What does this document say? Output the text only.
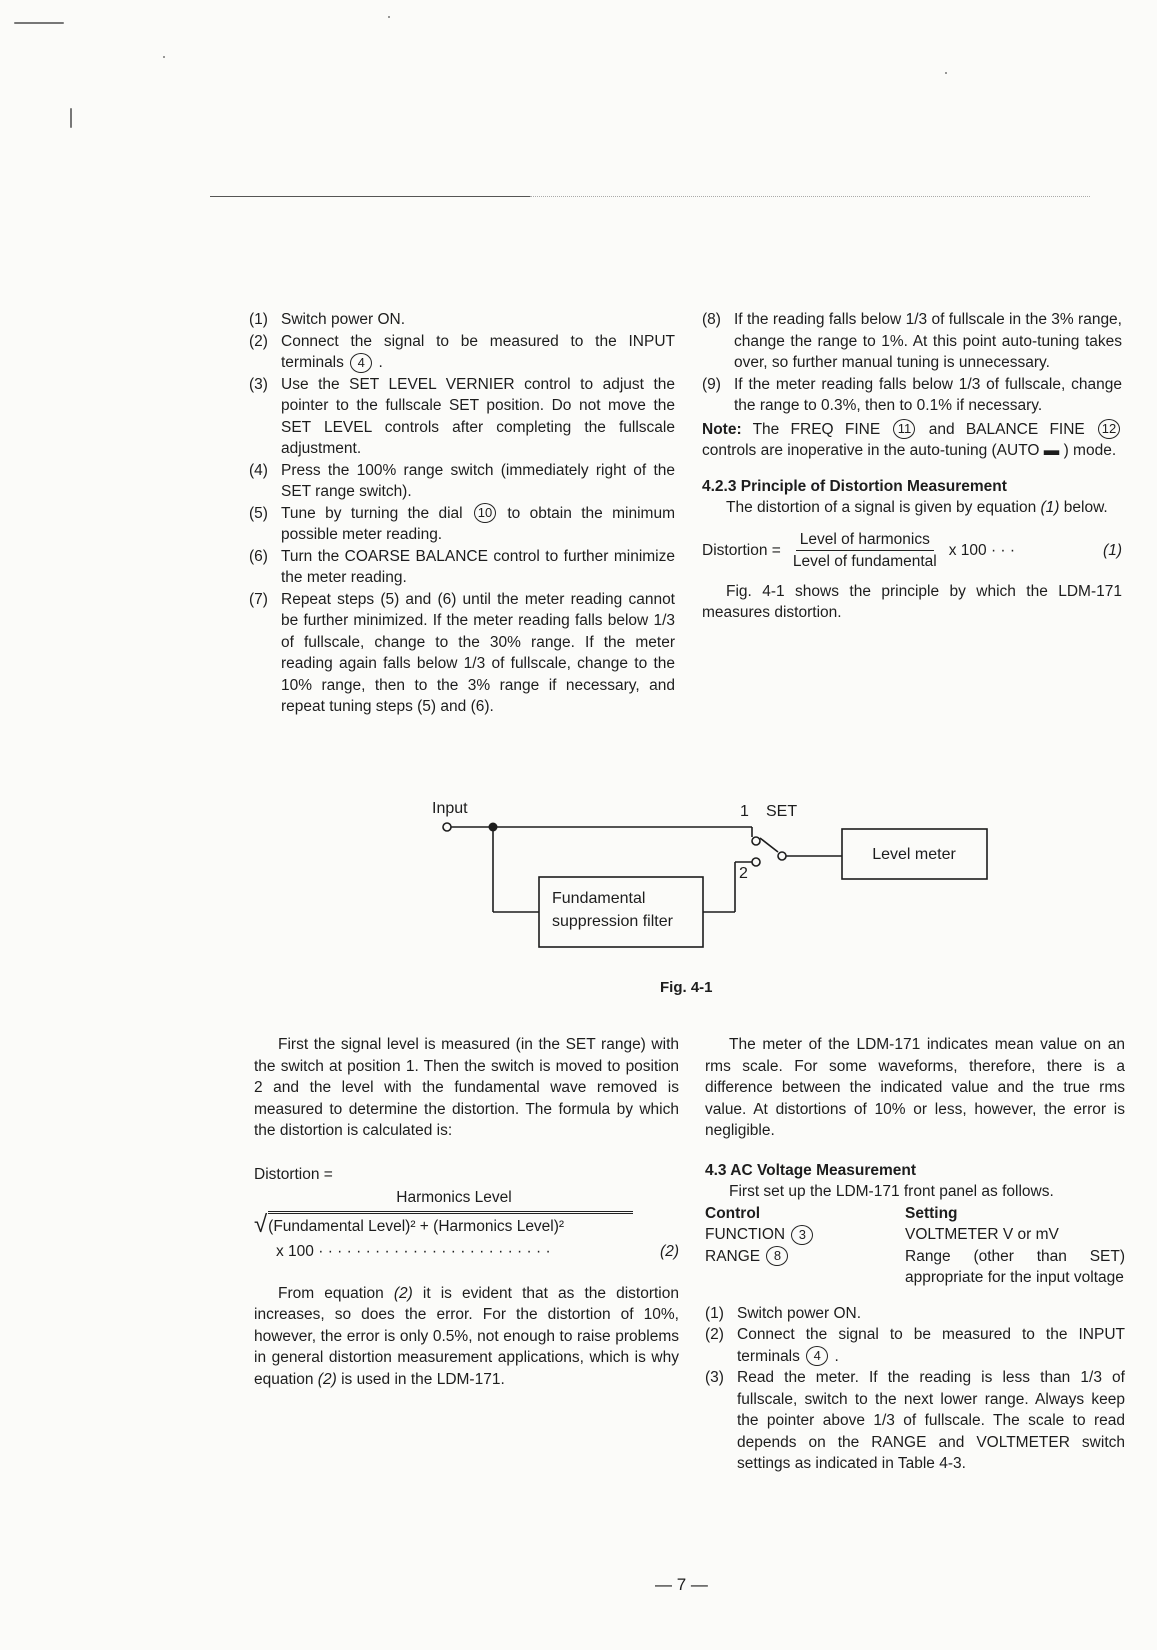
(1) Switch power ON.
(2) Connect the signal to be measured to the INPUT terminals 4 .
(3) Use the SET LEVEL VERNIER control to adjust the pointer to the fullscale SET position. Do not move the SET LEVEL controls after completing the fullscale adjustment.
(4) Press the 100% range switch (immediately right of the SET range switch).
(5) Tune by turning the dial 10 to obtain the minimum possible meter reading.
(6) Turn the COARSE BALANCE control to further minimize the meter reading.
(7) Repeat steps (5) and (6) until the meter reading cannot be further minimized. If the meter reading falls below 1/3 of fullscale, change to the 30% range. If the meter reading again falls below 1/3 of fullscale, change to the 10% range, then to the 3% range if necessary, and repeat tuning steps (5) and (6).
(8) If the reading falls below 1/3 of fullscale in the 3% range, change the range to 1%. At this point auto-tuning takes over, so further manual tuning is unnecessary.
(9) If the meter reading falls below 1/3 of fullscale, change the range to 0.3%, then to 0.1% if necessary.
Note: The FREQ FINE 11 and BALANCE FINE 12 controls are inoperative in the auto-tuning (AUTO ▬ ) mode.
4.2.3 Principle of Distortion Measurement
The distortion of a signal is given by equation (1) below.
Distortion = $\frac{\text{Level of harmonics}}{\text{Level of fundamental}}$ x 100 · · ·	(1)
Fig. 4-1 shows the principle by which the LDM-171 measures distortion.
Input	1 SET
2
Level meter
Fundamental
suppression filter
Fig. 4-1
First the signal level is measured (in the SET range) with the switch at position 1. Then the switch is moved to position 2 and the level with the fundamental wave removed is measured to determine the distortion. The formula by which the distortion is calculated is:
Distortion =
Harmonics Level
√ (Fundamental Level)² + (Harmonics Level)²
x 100 · · · · · · · · · · · · · · · · · · · · · · · · ·	(2)
From equation (2) it is evident that as the distortion increases, so does the error. For the distortion of 10%, however, the error is only 0.5%, not enough to raise problems in general distortion measurement applications, which is why equation (2) is used in the LDM-171.
The meter of the LDM-171 indicates mean value on an rms scale. For some waveforms, therefore, there is a difference between the indicated value and the true rms value. At distortions of 10% or less, however, the error is negligible.
4.3 AC Voltage Measurement
First set up the LDM-171 front panel as follows.
Control	Setting
FUNCTION 3	VOLTMETER V or mV
RANGE 8	Range (other than SET) appropriate for the input voltage
(1) Switch power ON.
(2) Connect the signal to be measured to the INPUT terminals 4 .
(3) Read the meter. If the reading is less than 1/3 of fullscale, switch to the next lower range. Always keep the pointer above 1/3 of fullscale. The scale to read depends on the RANGE and VOLTMETER switch settings as indicated in Table 4-3.
— 7 —
